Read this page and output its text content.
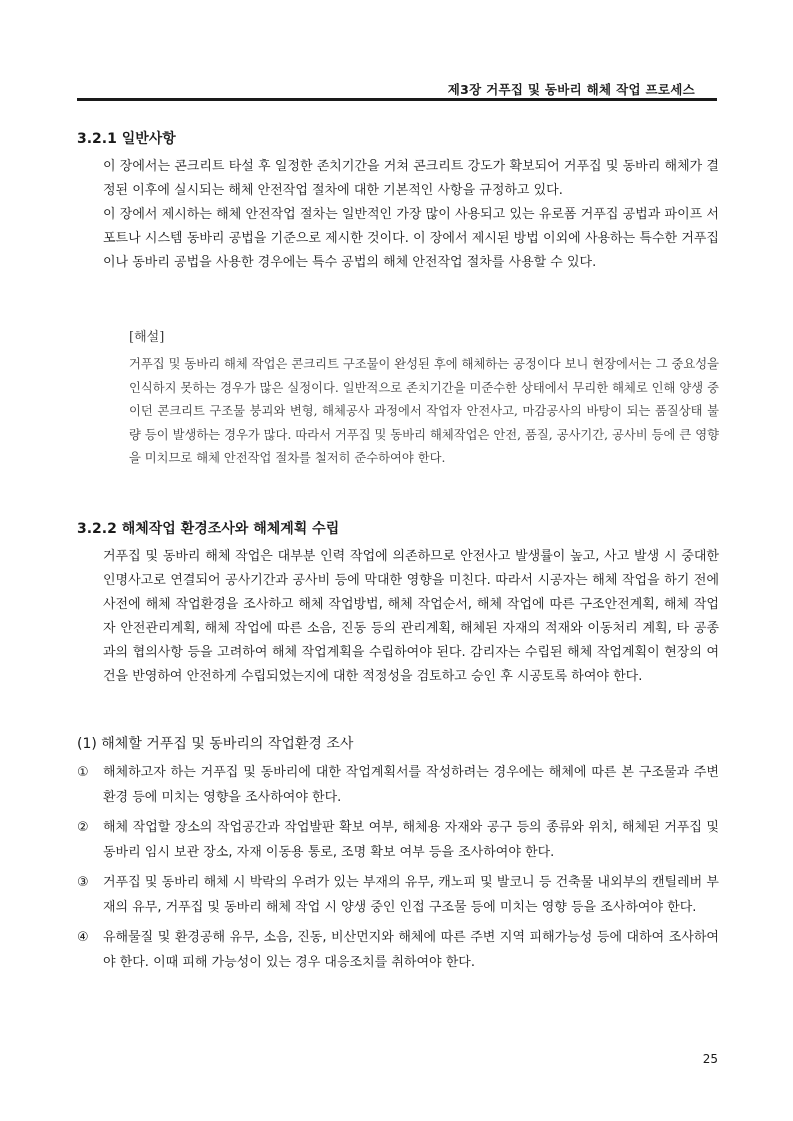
제3장 거푸집 및 동바리 해체 작업 프로세스
3.2.1 일반사항

이 장에서는 콘크리트 타설 후 일정한 존치기간을 거쳐 콘크리트 강도가 확보되어 거푸집 및 동바리 해체가 결정된 이후에 실시되는 해체 안전작업 절차에 대한 기본적인 사항을 규정하고 있다.

이 장에서 제시하는 해체 안전작업 절차는 일반적인 가장 많이 사용되고 있는 유로폼 거푸집 공법과 파이프 서포트나 시스템 동바리 공법을 기준으로 제시한 것이다. 이 장에서 제시된 방법 이외에 사용하는 특수한 거푸집이나 동바리 공법을 사용한 경우에는 특수 공법의 해체 안전작업 절차를 사용할 수 있다.

[해설]
거푸집 및 동바리 해체 작업은 콘크리트 구조물이 완성된 후에 해체하는 공정이다 보니 현장에서는 그 중요성을 인식하지 못하는 경우가 많은 실정이다. 일반적으로 존치기간을 미준수한 상태에서 무리한 해체로 인해 양생 중이던 콘크리트 구조물 붕괴와 변형, 해체공사 과정에서 작업자 안전사고, 마감공사의 바탕이 되는 품질상태 불량 등이 발생하는 경우가 많다. 따라서 거푸집 및 동바리 해체작업은 안전, 품질, 공사기간, 공사비 등에 큰 영향을 미치므로 해체 안전작업 절차를 철저히 준수하여야 한다.
3.2.2 해체작업 환경조사와 해체계획 수립

거푸집 및 동바리 해체 작업은 대부분 인력 작업에 의존하므로 안전사고 발생률이 높고, 사고 발생 시 중대한 인명사고로 연결되어 공사기간과 공사비 등에 막대한 영향을 미친다. 따라서 시공자는 해체 작업을 하기 전에 사전에 해체 작업환경을 조사하고 해체 작업방법, 해체 작업순서, 해체 작업에 따른 구조안전계획, 해체 작업자 안전관리계획, 해체 작업에 따른 소음, 진동 등의 관리계획, 해체된 자재의 적재와 이동처리 계획, 타 공종과의 협의사항 등을 고려하여 해체 작업계획을 수립하여야 된다. 감리자는 수립된 해체 작업계획이 현장의 여건을 반영하여 안전하게 수립되었는지에 대한 적정성을 검토하고 승인 후 시공토록 하여야 한다.

(1) 해체할 거푸집 및 동바리의 작업환경 조사
①	해체하고자 하는 거푸집 및 동바리에 대한 작업계획서를 작성하려는 경우에는 해체에 따른 본 구조물과 주변 환경 등에 미치는 영향을 조사하여야 한다.
②	해체 작업할 장소의 작업공간과 작업발판 확보 여부, 해체용 자재와 공구 등의 종류와 위치, 해체된 거푸집 및 동바리 임시 보관 장소, 자재 이동용 통로, 조명 확보 여부 등을 조사하여야 한다.
③	거푸집 및 동바리 해체 시 박락의 우려가 있는 부재의 유무, 캐노피 및 발코니 등 건축물 내외부의 캔틸레버 부재의 유무, 거푸집 및 동바리 해체 작업 시 양생 중인 인접 구조물 등에 미치는 영향 등을 조사하여야 한다.
④	유해물질 및 환경공해 유무, 소음, 진동, 비산먼지와 해체에 따른 주변 지역 피해가능성 등에 대하여 조사하여야 한다. 이때 피해 가능성이 있는 경우 대응조치를 취하여야 한다.
25
